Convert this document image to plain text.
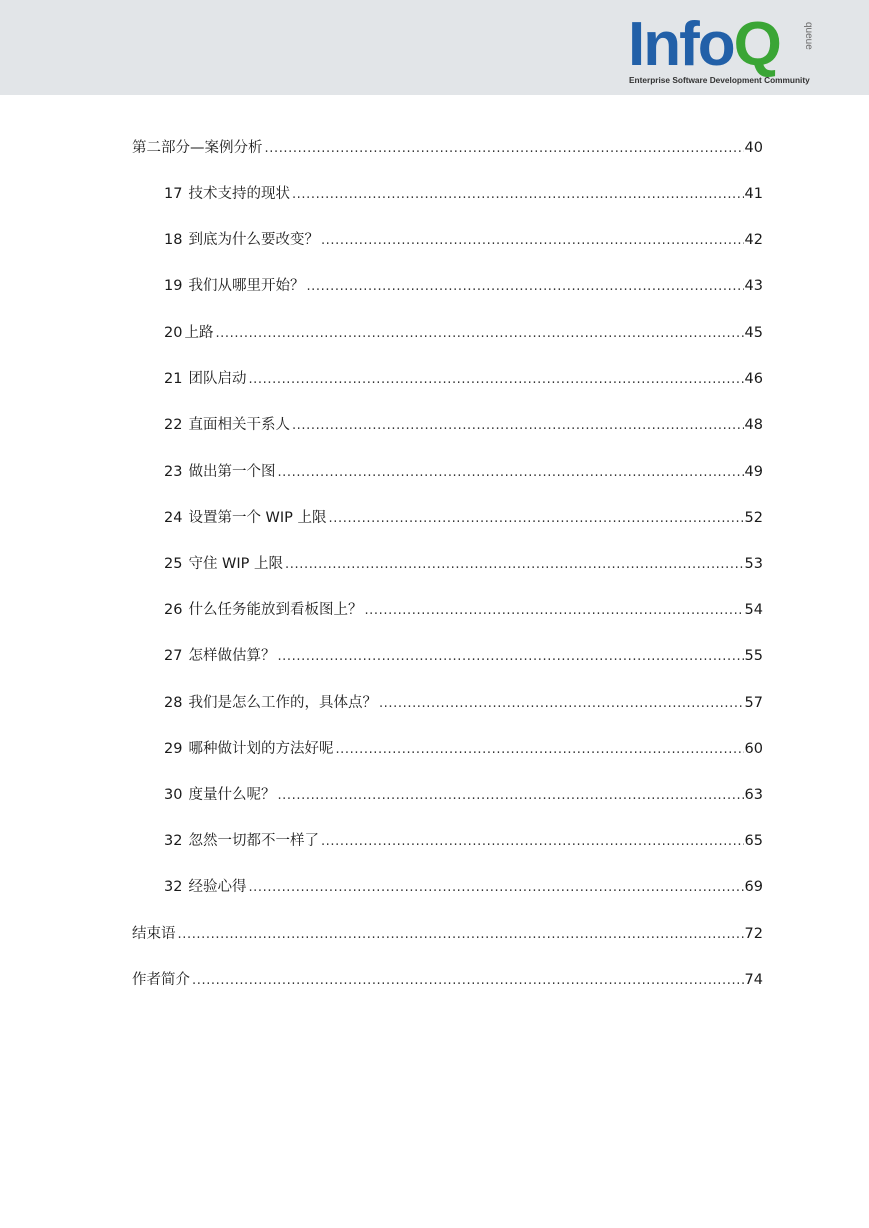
InfoQ queue
Enterprise Software Development Community
第二部分—案例分析 .....	40
17 技术支持的现状 .....	41
18 到底为什么要改变？ .....	42
19 我们从哪里开始？ .....	43
20 上路 .....	45
21 团队启动 .....	46
22 直面相关干系人 .....	48
23 做出第一个图 .....	49
24 设置第一个 WIP 上限 .....	52
25 守住 WIP 上限 .....	53
26 什么任务能放到看板图上？ .....	54
27 怎样做估算？ .....	55
28 我们是怎么工作的，具体点？ .....	57
29 哪种做计划的方法好呢 .....	60
30 度量什么呢？ .....	63
32 忽然一切都不一样了 .....	65
32 经验心得 .....	69
结束语 .....	72
作者简介 .....	74
